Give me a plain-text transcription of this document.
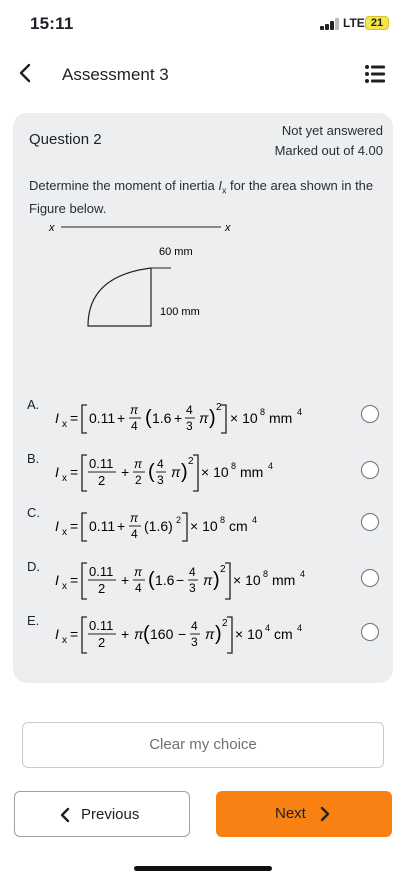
15:11	LTE 21
Assessment 3
Question 2
Not yet answered
Marked out of 4.00
Determine the moment of inertia $I_x$ for the area shown in the Figure below.
x	x
60 mm
100 mm
A.
I x = 0.11 + π
4 ( 1.6 + 4
3 π ) 2
× 10 8 mm 4
B.
I x =
0.11
2
+ π
2 ( 4
3 π ) 2
× 10 8 mm 4
C.
I x = 0.11 + π
4 (1.6) 2 × 10 8 cm 4
D.
I x =
0.11
2
+ π
4 ( 1.6 − 4
3 π ) 2
× 10 8 mm 4
E.
I x =
0.11
2
+ π ( 160 − 4
3 π ) 2
× 10 4 cm 4
Clear my choice
Previous	Next
